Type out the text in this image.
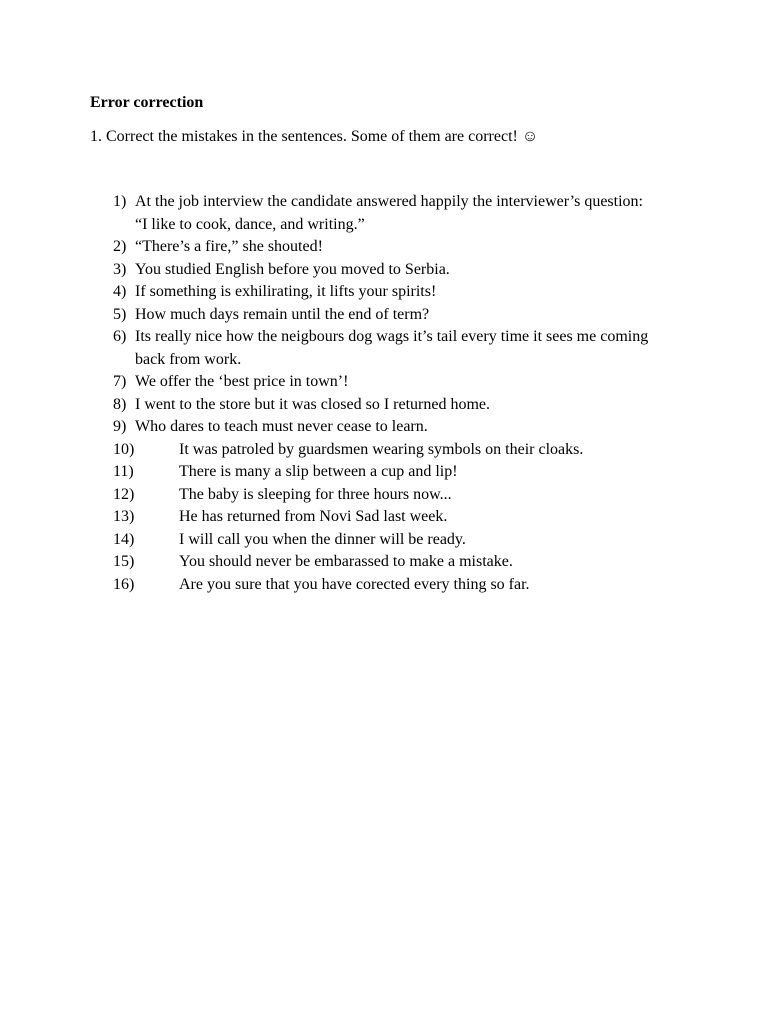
Error correction

1. Correct the mistakes in the sentences. Some of them are correct! ☺

1) At the job interview the candidate answered happily the interviewer’s question: “I like to cook, dance, and writing.”
2) “There’s a fire,” she shouted!
3) You studied English before you moved to Serbia.
4) If something is exhilirating, it lifts your spirits!
5) How much days remain until the end of term?
6) Its really nice how the neigbours dog wags it’s tail every time it sees me coming back from work.
7) We offer the ‘best price in town’!
8) I went to the store but it was closed so I returned home.
9) Who dares to teach must never cease to learn.
10)	It was patroled by guardsmen wearing symbols on their cloaks.
11)	There is many a slip between a cup and lip!
12)	The baby is sleeping for three hours now...
13)	He has returned from Novi Sad last week.
14)	I will call you when the dinner will be ready.
15)	You should never be embarassed to make a mistake.
16)	Are you sure that you have corected every thing so far.
